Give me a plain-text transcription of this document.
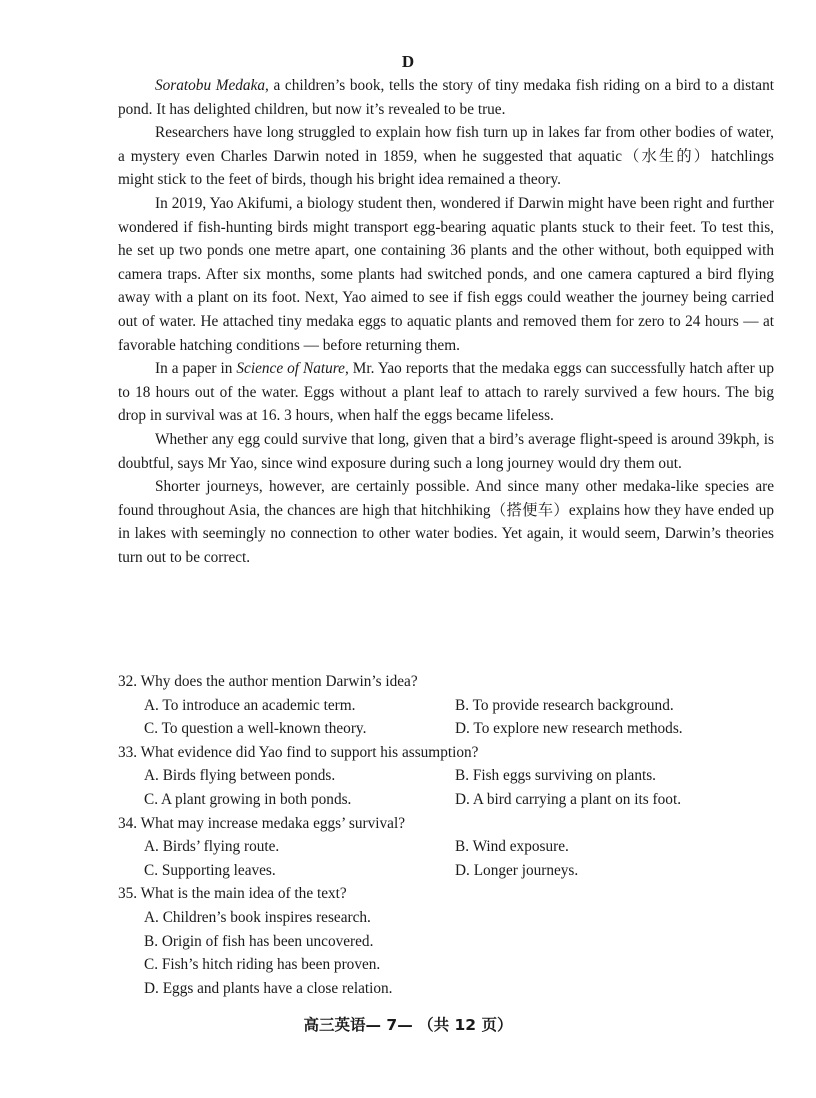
D

Soratobu Medaka, a children’s book, tells the story of tiny medaka fish riding on a bird to a distant pond. It has delighted children, but now it’s revealed to be true.

Researchers have long struggled to explain how fish turn up in lakes far from other bodies of water, a mystery even Charles Darwin noted in 1859, when he suggested that aquatic（水生的）hatchlings might stick to the feet of birds, though his bright idea remained a theory.

In 2019, Yao Akifumi, a biology student then, wondered if Darwin might have been right and further wondered if fish-hunting birds might transport egg-bearing aquatic plants stuck to their feet. To test this, he set up two ponds one metre apart, one containing 36 plants and the other without, both equipped with camera traps. After six months, some plants had switched ponds, and one camera captured a bird flying away with a plant on its foot. Next, Yao aimed to see if fish eggs could weather the journey being carried out of water. He attached tiny medaka eggs to aquatic plants and removed them for zero to 24 hours — at favorable hatching conditions — before returning them.

In a paper in Science of Nature, Mr. Yao reports that the medaka eggs can successfully hatch after up to 18 hours out of the water. Eggs without a plant leaf to attach to rarely survived a few hours. The big drop in survival was at 16. 3 hours, when half the eggs became lifeless.

Whether any egg could survive that long, given that a bird’s average flight-speed is around 39kph, is doubtful, says Mr Yao, since wind exposure during such a long journey would dry them out.

Shorter journeys, however, are certainly possible. And since many other medaka-like species are found throughout Asia, the chances are high that hitchhiking（搭便车）explains how they have ended up in lakes with seemingly no connection to other water bodies. Yet again, it would seem, Darwin’s theories turn out to be correct.

32. Why does the author mention Darwin’s idea?
A. To introduce an academic term.	B. To provide research background.
C. To question a well-known theory.	D. To explore new research methods.
33. What evidence did Yao find to support his assumption?
A. Birds flying between ponds.	B. Fish eggs surviving on plants.
C. A plant growing in both ponds.	D. A bird carrying a plant on its foot.
34. What may increase medaka eggs’ survival?
A. Birds’ flying route.	B. Wind exposure.
C. Supporting leaves.	D. Longer journeys.
35. What is the main idea of the text?
A. Children’s book inspires research.
B. Origin of fish has been uncovered.
C. Fish’s hitch riding has been proven.
D. Eggs and plants have a close relation.
高三英语— 7— （共 12 页）
